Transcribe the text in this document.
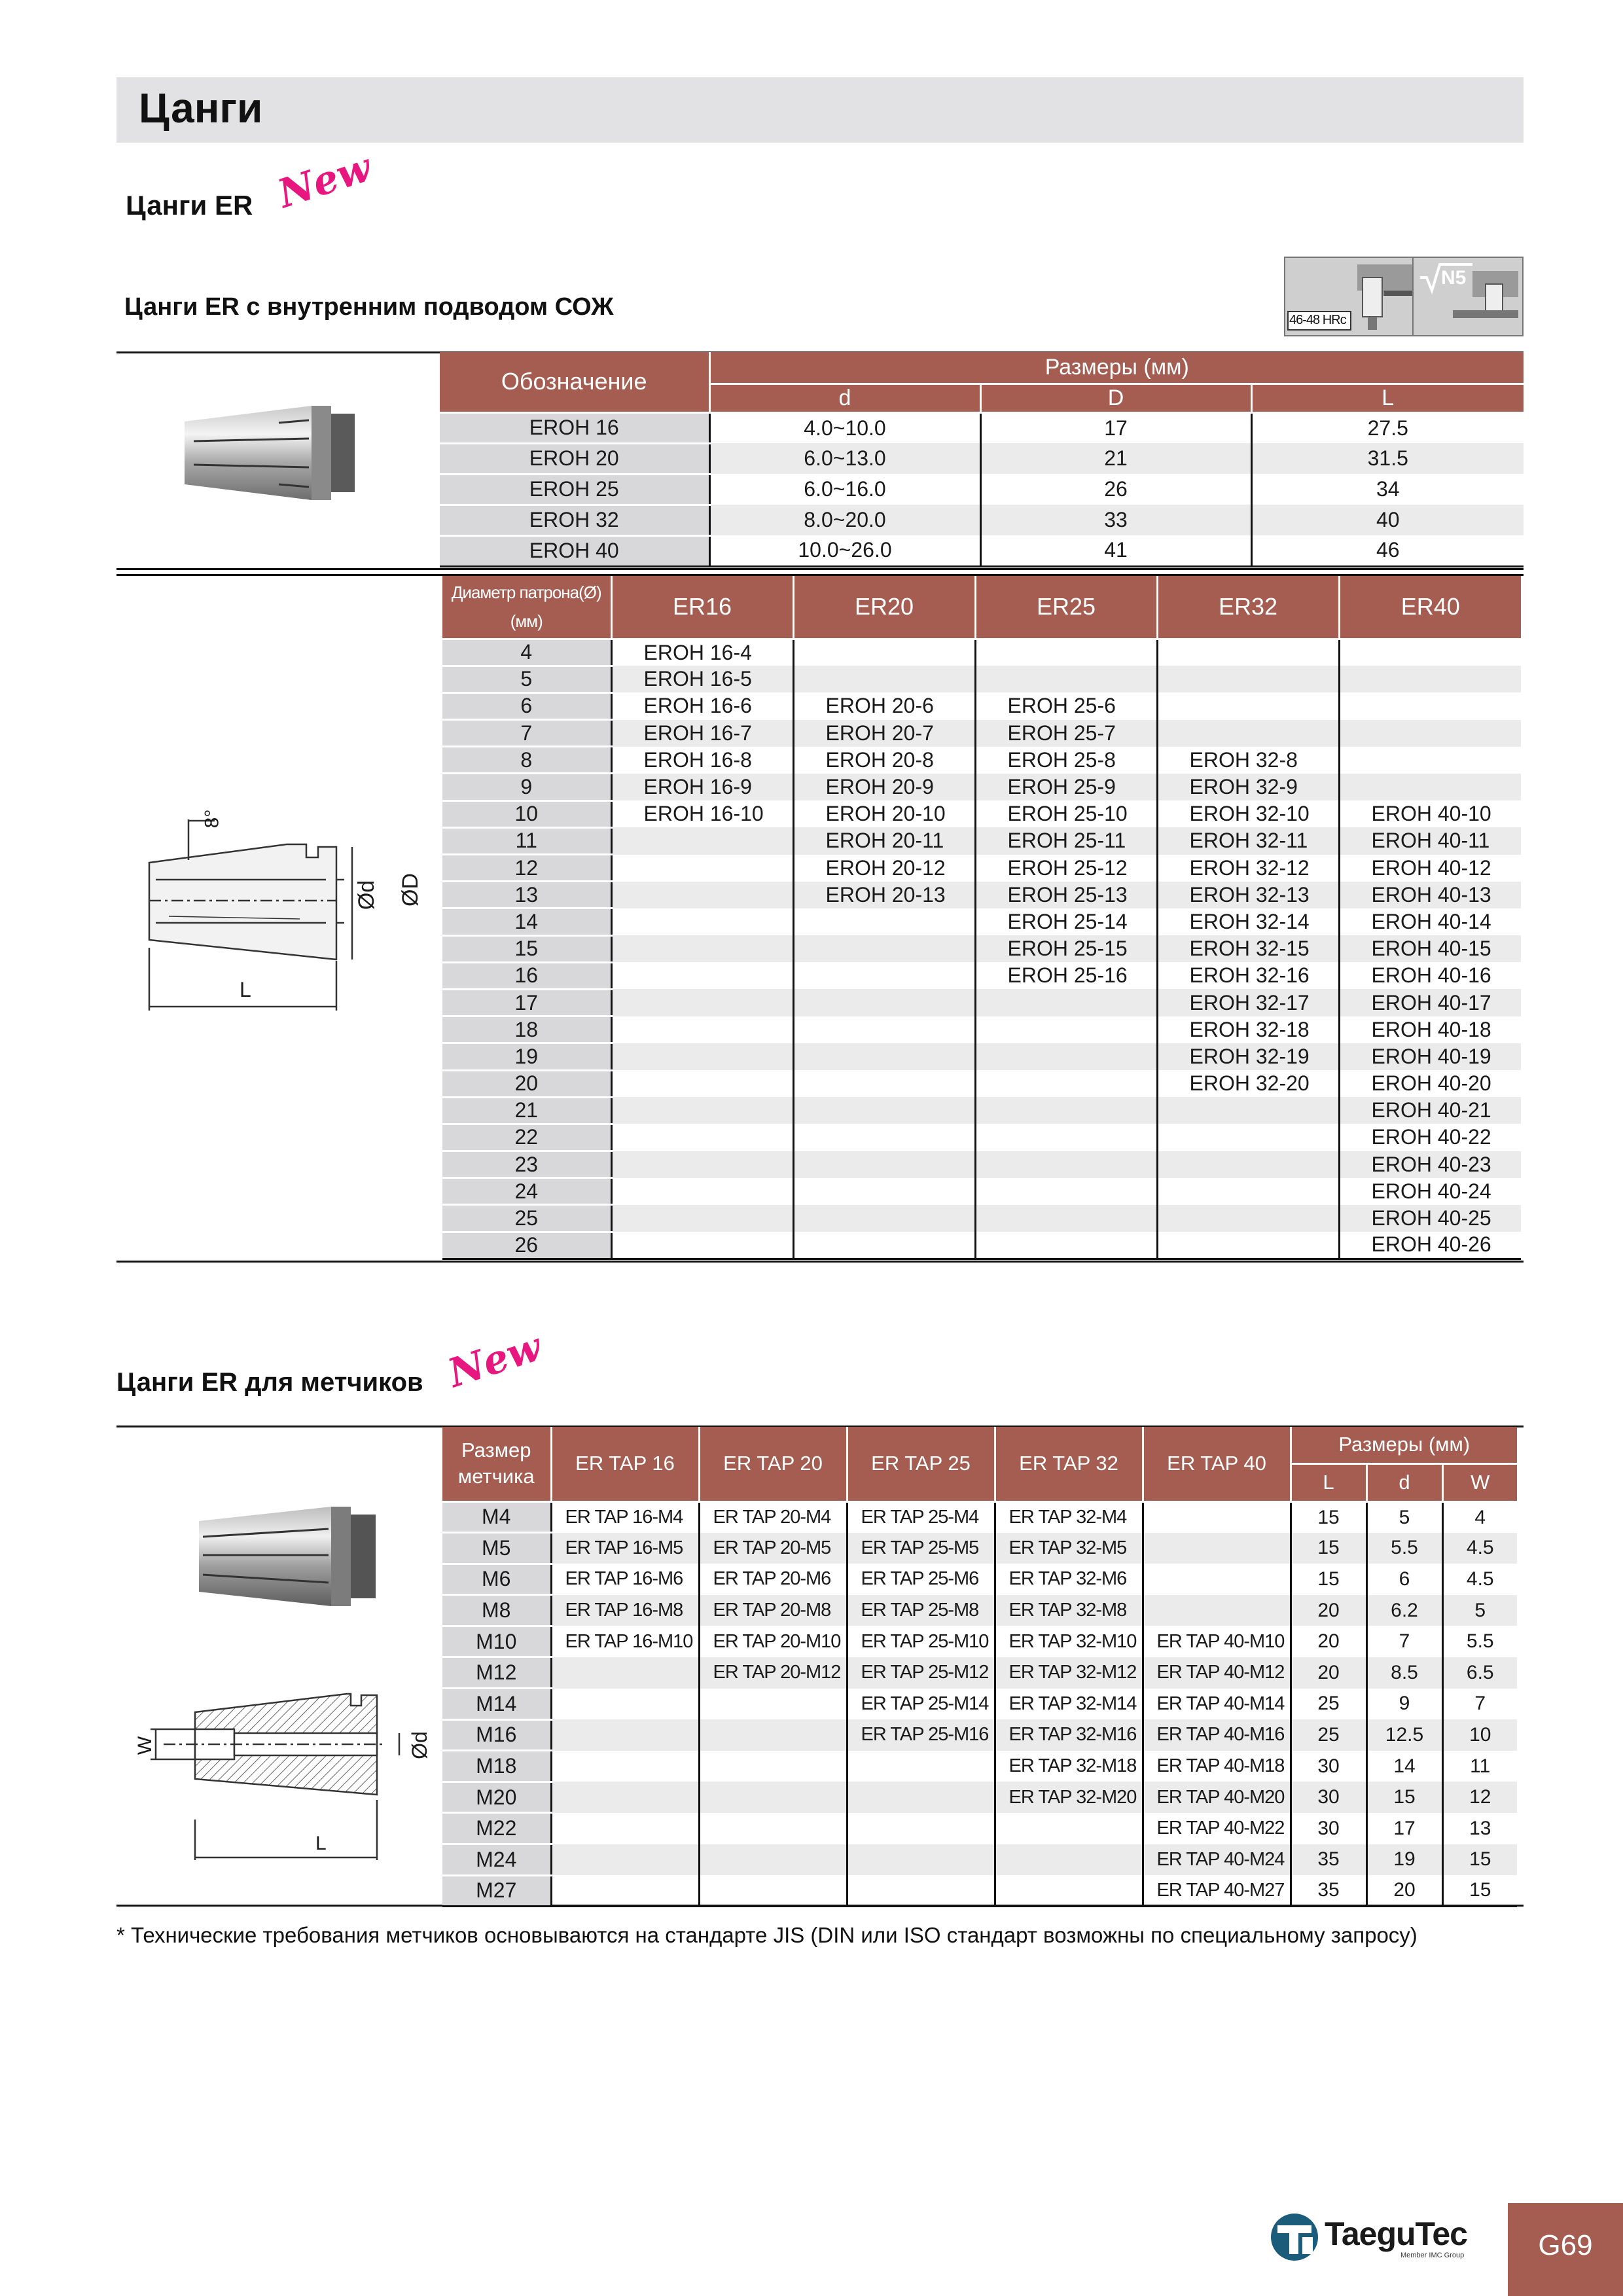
Цанги
Цанги ER New
Цанги ER с внутренним подводом СОЖ	46-48 HRc
N5
Обозначение	Размеры (мм)		
	d	D	L
EROH 16	4.0~10.0	17	27.5
EROH 20	6.0~13.0	21	31.5
EROH 25	6.0~16.0	26	34
EROH 32	8.0~20.0	33	40
EROH 40	10.0~26.0	41	46
8°
Ød ØD
L
Диаметр патрона(Ø) (мм)	ER16	ER20	ER25	ER32	ER40
4	EROH 16-4				
5	EROH 16-5				
6	EROH 16-6	EROH 20-6	EROH 25-6		
7	EROH 16-7	EROH 20-7	EROH 25-7		
8	EROH 16-8	EROH 20-8	EROH 25-8	EROH 32-8	
9	EROH 16-9	EROH 20-9	EROH 25-9	EROH 32-9	
10	EROH 16-10	EROH 20-10	EROH 25-10	EROH 32-10	EROH 40-10
11		EROH 20-11	EROH 25-11	EROH 32-11	EROH 40-11
12		EROH 20-12	EROH 25-12	EROH 32-12	EROH 40-12
13		EROH 20-13	EROH 25-13	EROH 32-13	EROH 40-13
14			EROH 25-14	EROH 32-14	EROH 40-14
15			EROH 25-15	EROH 32-15	EROH 40-15
16			EROH 25-16	EROH 32-16	EROH 40-16
17				EROH 32-17	EROH 40-17
18				EROH 32-18	EROH 40-18
19				EROH 32-19	EROH 40-19
20				EROH 32-20	EROH 40-20
21					EROH 40-21
22					EROH 40-22
23					EROH 40-23
24					EROH 40-24
25					EROH 40-25
26					EROH 40-26
Цанги ER для метчиков New
W	Ød
L
Размер метчика	ER TAP 16	ER TAP 20	ER TAP 25	ER TAP 32	ER TAP 40	Размеры (мм)		
						L	d	W
M4	ER TAP 16-M4	ER TAP 20-M4	ER TAP 25-M4	ER TAP 32-M4		15	5	4
M5	ER TAP 16-M5	ER TAP 20-M5	ER TAP 25-M5	ER TAP 32-M5		15	5.5	4.5
M6	ER TAP 16-M6	ER TAP 20-M6	ER TAP 25-M6	ER TAP 32-M6		15	6	4.5
M8	ER TAP 16-M8	ER TAP 20-M8	ER TAP 25-M8	ER TAP 32-M8		20	6.2	5
M10	ER TAP 16-M10	ER TAP 20-M10	ER TAP 25-M10	ER TAP 32-M10	ER TAP 40-M10	20	7	5.5
M12		ER TAP 20-M12	ER TAP 25-M12	ER TAP 32-M12	ER TAP 40-M12	20	8.5	6.5
M14			ER TAP 25-M14	ER TAP 32-M14	ER TAP 40-M14	25	9	7
M16			ER TAP 25-M16	ER TAP 32-M16	ER TAP 40-M16	25	12.5	10
M18				ER TAP 32-M18	ER TAP 40-M18	30	14	11
M20				ER TAP 32-M20	ER TAP 40-M20	30	15	12
M22					ER TAP 40-M22	30	17	13
M24					ER TAP 40-M24	35	19	15
M27					ER TAP 40-M27	35	20	15
* Технические требования метчиков основываются на стандарте JIS (DIN или ISO стандарт возможны по специальному запросу)
TaeguTec
Member IMC Group	G69
